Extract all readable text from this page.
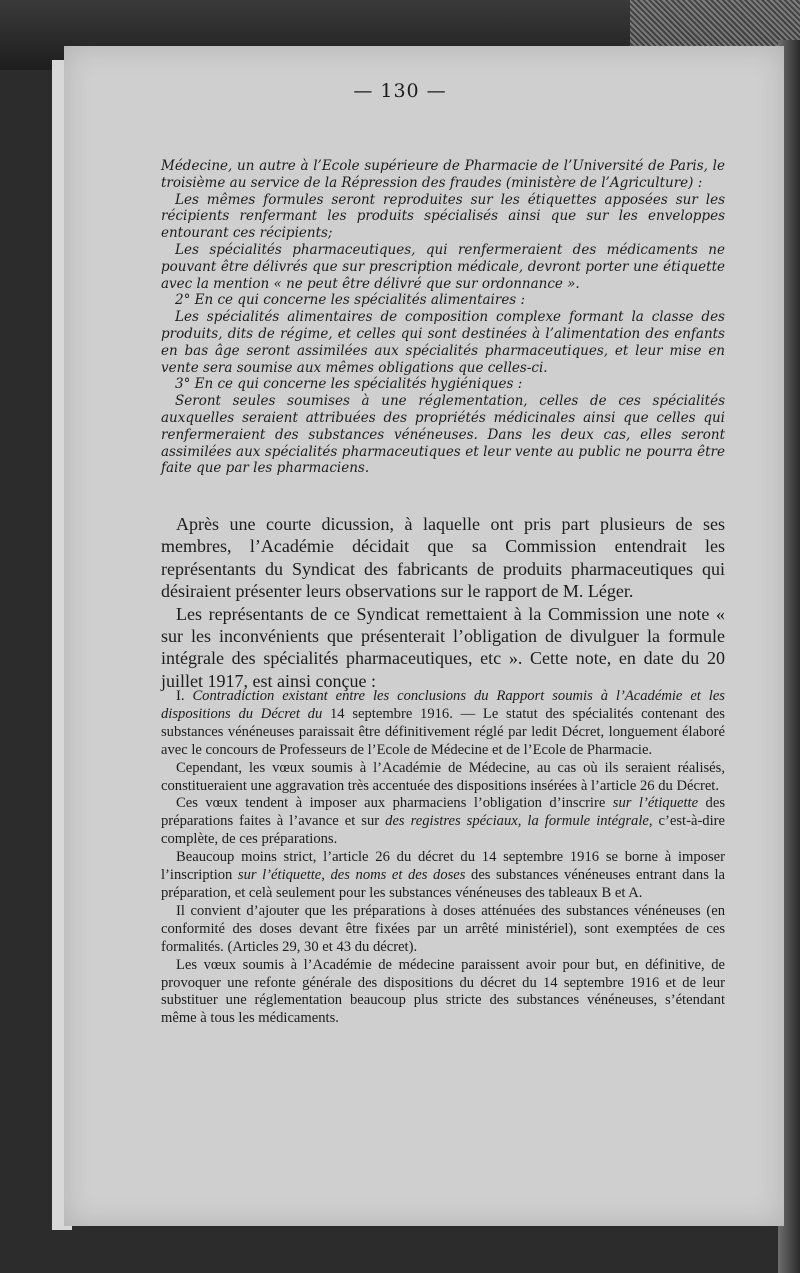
— 130 —

Médecine, un autre à l’Ecole supérieure de Pharmacie de l’Université de Paris, le troisième au service de la Répression des fraudes (ministère de l’Agriculture) :

Les mêmes formules seront reproduites sur les étiquettes apposées sur les récipients renfermant les produits spécialisés ainsi que sur les enveloppes entourant ces récipients;

Les spécialités pharmaceutiques, qui renfermeraient des médicaments ne pouvant être délivrés que sur prescription médicale, devront porter une étiquette avec la mention « ne peut être délivré que sur ordonnance ».

2° En ce qui concerne les spécialités alimentaires :

Les spécialités alimentaires de composition complexe formant la classe des produits, dits de régime, et celles qui sont destinées à l’alimentation des enfants en bas âge seront assimilées aux spécialités pharmaceutiques, et leur mise en vente sera soumise aux mêmes obligations que celles-ci.

3° En ce qui concerne les spécialités hygiéniques :

Seront seules soumises à une réglementation, celles de ces spécialités auxquelles seraient attribuées des propriétés médicinales ainsi que celles qui renfermeraient des substances vénéneuses. Dans les deux cas, elles seront assimilées aux spécialités pharmaceutiques et leur vente au public ne pourra être faite que par les pharmaciens.

Après une courte dicussion, à laquelle ont pris part plusieurs de ses membres, l’Académie décidait que sa Commission entendrait les représentants du Syndicat des fabricants de produits pharmaceutiques qui désiraient présenter leurs observations sur le rapport de M. Léger.

Les représentants de ce Syndicat remettaient à la Commission une note « sur les inconvénients que présenterait l’obligation de divulguer la formule intégrale des spécialités pharmaceutiques, etc ». Cette note, en date du 20 juillet 1917, est ainsi conçue :

I. Contradiction existant entre les conclusions du Rapport soumis à l’Académie et les dispositions du Décret du 14 septembre 1916. — Le statut des spécialités contenant des substances vénéneuses paraissait être définitivement réglé par ledit Décret, longuement élaboré avec le concours de Professeurs de l’Ecole de Médecine et de l’Ecole de Pharmacie.

Cependant, les vœux soumis à l’Académie de Médecine, au cas où ils seraient réalisés, constitueraient une aggravation très accentuée des dispositions insérées à l’article 26 du Décret.

Ces vœux tendent à imposer aux pharmaciens l’obligation d’inscrire sur l’étiquette des préparations faites à l’avance et sur des registres spéciaux, la formule intégrale, c’est-à-dire complète, de ces préparations.

Beaucoup moins strict, l’article 26 du décret du 14 septembre 1916 se borne à imposer l’inscription sur l’étiquette, des noms et des doses des substances vénéneuses entrant dans la préparation, et celà seulement pour les substances vénéneuses des tableaux B et A.

Il convient d’ajouter que les préparations à doses atténuées des substances vénéneuses (en conformité des doses devant être fixées par un arrêté ministériel), sont exemptées de ces formalités. (Articles 29, 30 et 43 du décret).

Les vœux soumis à l’Académie de médecine paraissent avoir pour but, en définitive, de provoquer une refonte générale des dispositions du décret du 14 septembre 1916 et de leur substituer une réglementation beaucoup plus stricte des substances vénéneuses, s’étendant même à tous les médicaments.
